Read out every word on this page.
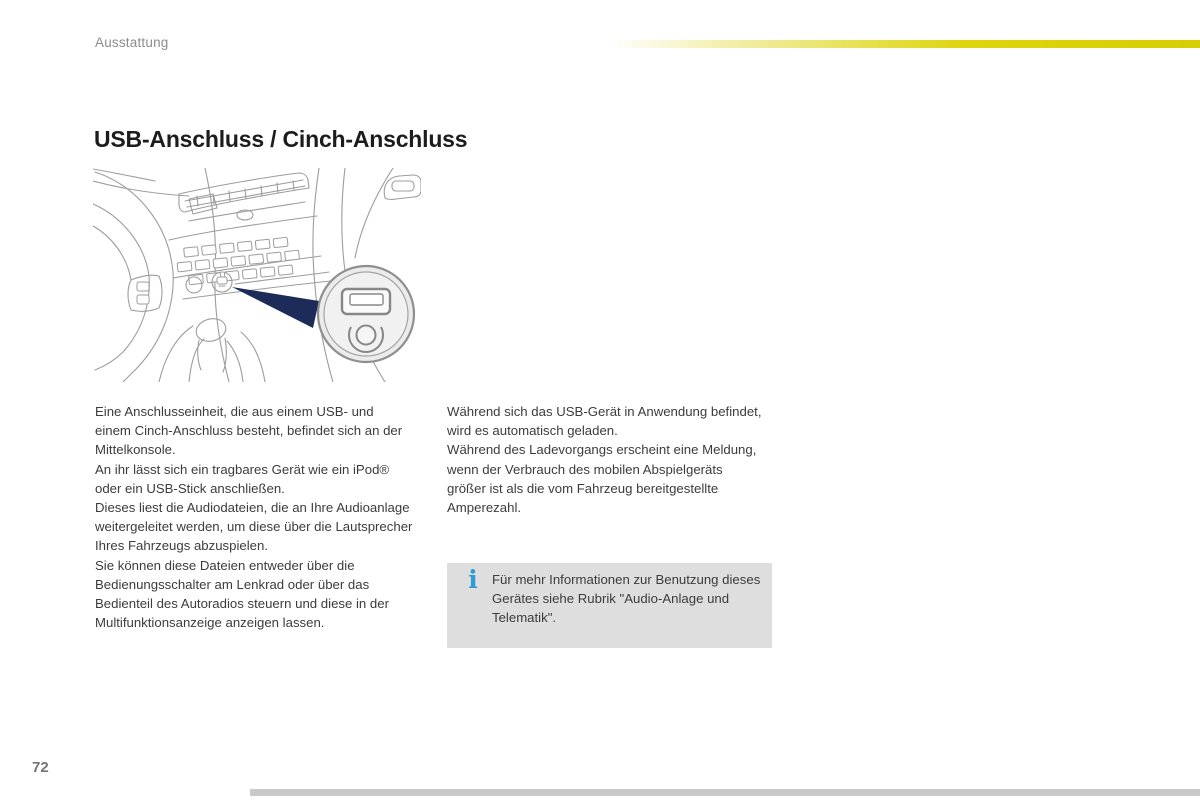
Ausstattung
USB-Anschluss / Cinch-Anschluss
Eine Anschlusseinheit, die aus einem USB- und
einem Cinch-Anschluss besteht, befindet sich an der
Mittelkonsole.
An ihr lässt sich ein tragbares Gerät wie ein iPod®
oder ein USB-Stick anschließen.
Dieses liest die Audiodateien, die an Ihre Audioanlage
weitergeleitet werden, um diese über die Lautsprecher
Ihres Fahrzeugs abzuspielen.
Sie können diese Dateien entweder über die
Bedienungsschalter am Lenkrad oder über das
Bedienteil des Autoradios steuern und diese in der
Multifunktionsanzeige anzeigen lassen.
Während sich das USB-Gerät in Anwendung befindet,
wird es automatisch geladen.
Während des Ladevorgangs erscheint eine Meldung,
wenn der Verbrauch des mobilen Abspielgeräts
größer ist als die vom Fahrzeug bereitgestellte
Amperezahl.
i	Für mehr Informationen zur Benutzung dieses
Gerätes siehe Rubrik "Audio-Anlage und
Telematik".
72
